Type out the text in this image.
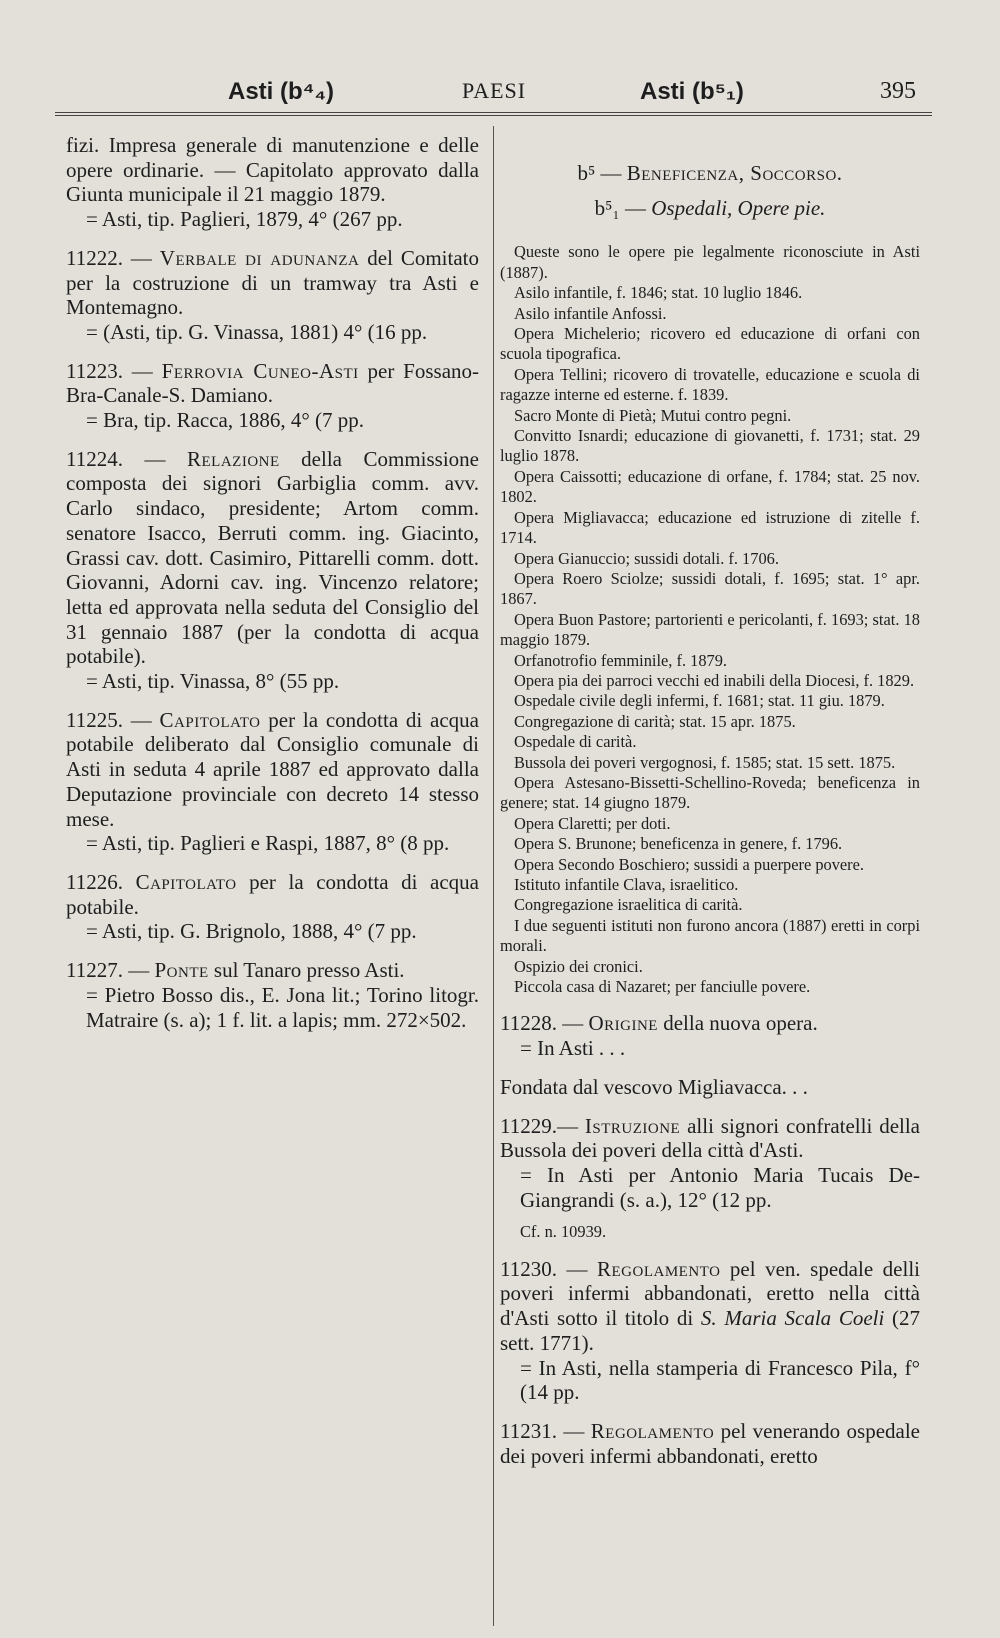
Asti (b⁴₄)	PAESI	Asti (b⁵₁)	395

fizi. Impresa generale di manutenzione e delle opere ordinarie. — Capitolato approvato dalla Giunta municipale il 21 maggio 1879.
= Asti, tip. Paglieri, 1879, 4° (267 pp.

11222. — Verbale di adunanza del Comitato per la costruzione di un tramway tra Asti e Montemagno.
= (Asti, tip. G. Vinassa, 1881) 4° (16 pp.

11223. — Ferrovia Cuneo-Asti per Fossano-Bra-Canale-S. Damiano.
= Bra, tip. Racca, 1886, 4° (7 pp.

11224. — Relazione della Commissione composta dei signori Garbiglia comm. avv. Carlo sindaco, presidente; Artom comm. senatore Isacco, Berruti comm. ing. Giacinto, Grassi cav. dott. Casimiro, Pittarelli comm. dott. Giovanni, Adorni cav. ing. Vincenzo relatore; letta ed approvata nella seduta del Consiglio del 31 gennaio 1887 (per la condotta di acqua potabile).
= Asti, tip. Vinassa, 8° (55 pp.

11225. — Capitolato per la condotta di acqua potabile deliberato dal Consiglio comunale di Asti in seduta 4 aprile 1887 ed approvato dalla Deputazione provinciale con decreto 14 stesso mese.
= Asti, tip. Paglieri e Raspi, 1887, 8° (8 pp.

11226. Capitolato per la condotta di acqua potabile.
= Asti, tip. G. Brignolo, 1888, 4° (7 pp.

11227. — Ponte sul Tanaro presso Asti.
= Pietro Bosso dis., E. Jona lit.; Torino litogr. Matraire (s. a); 1 f. lit. a lapis; mm. 272×502.

b⁵ — Beneficenza, Soccorso.
b⁵₁ — Ospedali, Opere pie.

Queste sono le opere pie legalmente riconosciute in Asti (1887).

Asilo infantile, f. 1846; stat. 10 luglio 1846.

Asilo infantile Anfossi.

Opera Michelerio; ricovero ed educazione di orfani con scuola tipografica.

Opera Tellini; ricovero di trovatelle, educazione e scuola di ragazze interne ed esterne. f. 1839.

Sacro Monte di Pietà; Mutui contro pegni.

Convitto Isnardi; educazione di giovanetti, f. 1731; stat. 29 luglio 1878.

Opera Caissotti; educazione di orfane, f. 1784; stat. 25 nov. 1802.

Opera Migliavacca; educazione ed istruzione di zitelle f. 1714.

Opera Gianuccio; sussidi dotali. f. 1706.

Opera Roero Sciolze; sussidi dotali, f. 1695; stat. 1° apr. 1867.

Opera Buon Pastore; partorienti e pericolanti, f. 1693; stat. 18 maggio 1879.

Orfanotrofio femminile, f. 1879.

Opera pia dei parroci vecchi ed inabili della Diocesi, f. 1829.

Ospedale civile degli infermi, f. 1681; stat. 11 giu. 1879.

Congregazione di carità; stat. 15 apr. 1875.

Ospedale di carità.

Bussola dei poveri vergognosi, f. 1585; stat. 15 sett. 1875.

Opera Astesano-Bissetti-Schellino-Roveda; beneficenza in genere; stat. 14 giugno 1879.

Opera Claretti; per doti.

Opera S. Brunone; beneficenza in genere, f. 1796.

Opera Secondo Boschiero; sussidi a puerpere povere.

Istituto infantile Clava, israelitico.

Congregazione israelitica di carità.

I due seguenti istituti non furono ancora (1887) eretti in corpi morali.

Ospizio dei cronici.

Piccola casa di Nazaret; per fanciulle povere.

11228. — Origine della nuova opera.
= In Asti . . .

Fondata dal vescovo Migliavacca. . .

11229.— Istruzione alli signori confratelli della Bussola dei poveri della città d'Asti.
= In Asti per Antonio Maria Tucais De-Giangrandi (s. a.), 12° (12 pp.

Cf. n. 10939.

11230. — Regolamento pel ven. spedale delli poveri infermi abbandonati, eretto nella città d'Asti sotto il titolo di S. Maria Scala Coeli (27 sett. 1771).
= In Asti, nella stamperia di Francesco Pila, f° (14 pp.

11231. — Regolamento pel venerando ospedale dei poveri infermi abbandonati, eretto
